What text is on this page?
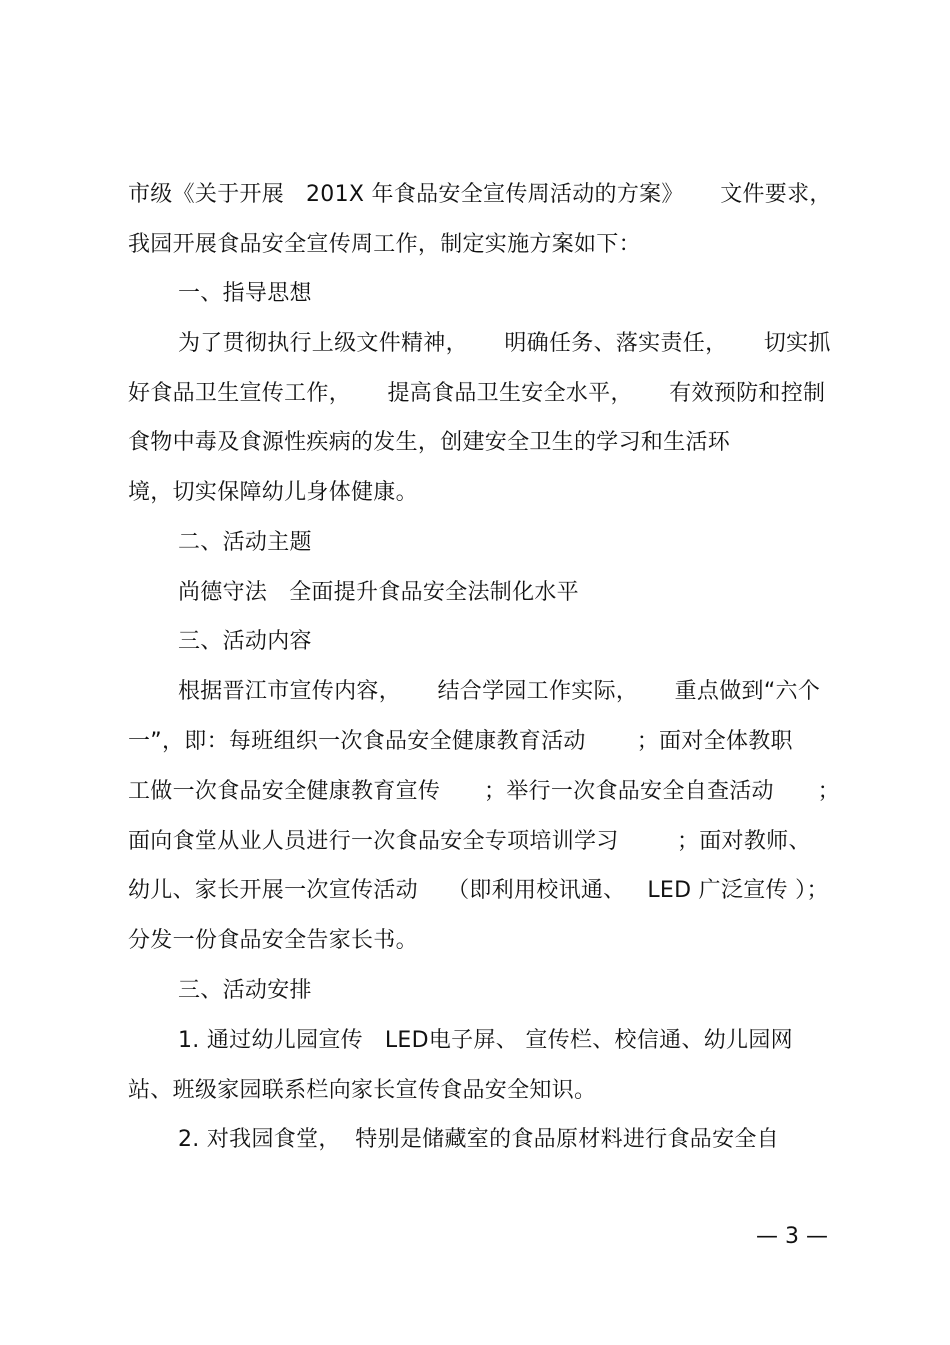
市级《关于开展   201X 年食品安全宣传周活动的方案》     文件要求，
我园开展食品安全宣传周工作，制定实施方案如下：
一、指导思想
为了贯彻执行上级文件精神，     明确任务、落实责任，     切实抓
好食品卫生宣传工作，     提高食品卫生安全水平，     有效预防和控制
食物中毒及食源性疾病的发生，创建安全卫生的学习和生活环
境，切实保障幼儿身体健康。
二、活动主题
尚德守法   全面提升食品安全法制化水平
三、活动内容
根据晋江市宣传内容，     结合学园工作实际，     重点做到“六个
一”，即：每班组织一次食品安全健康教育活动       ；面对全体教职
工做一次食品安全健康教育宣传      ；举行一次食品安全自查活动      ；
面向食堂从业人员进行一次食品安全专项培训学习        ；面对教师、
幼儿、家长开展一次宣传活动    （即利用校讯通、   LED 广泛宣传 ）；
分发一份食品安全告家长书。
三、活动安排
1. 通过幼儿园宣传   LED电子屏、 宣传栏、校信通、幼儿园网
站、班级家园联系栏向家长宣传食品安全知识。
2. 对我园食堂，  特别是储藏室的食品原材料进行食品安全自
— 3 —
